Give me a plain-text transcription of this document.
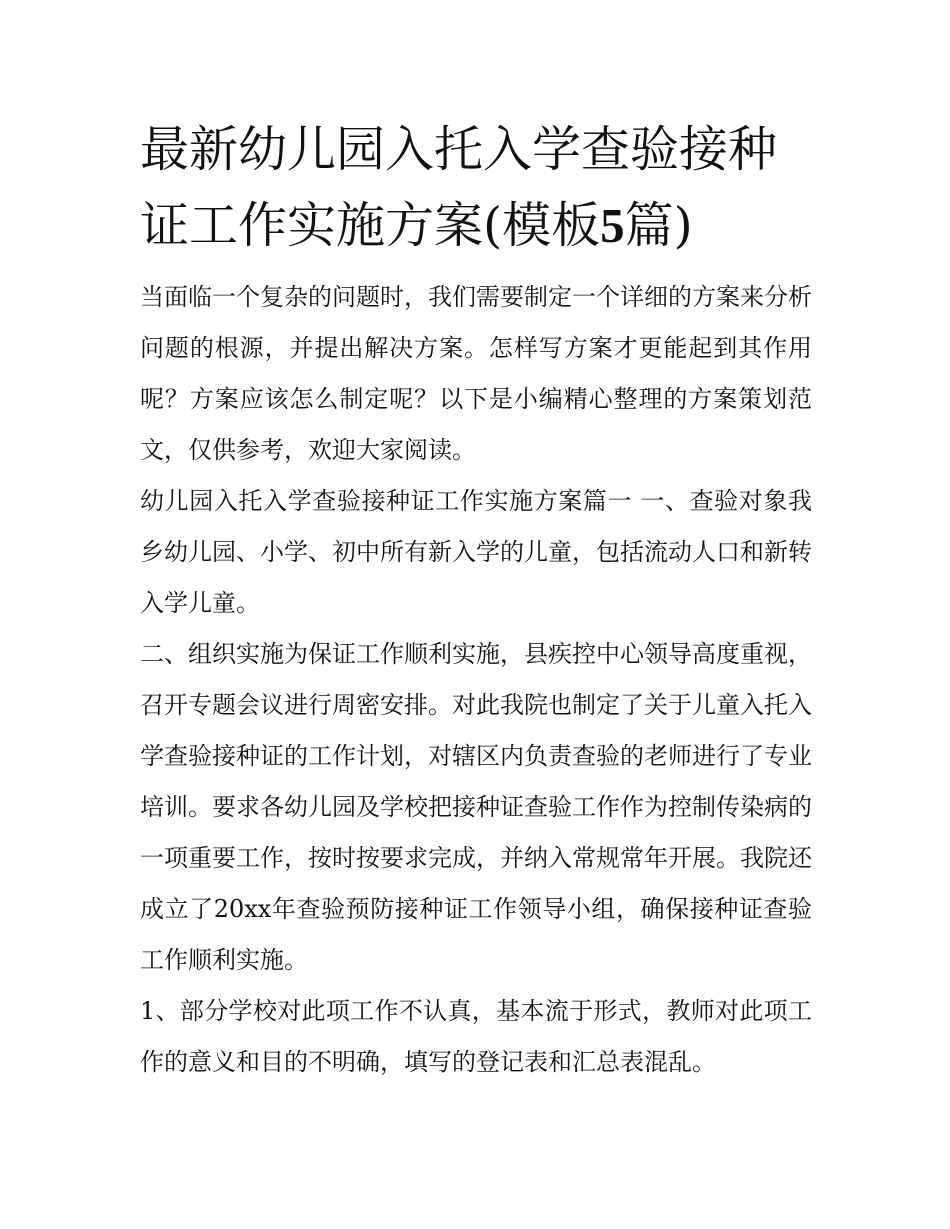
最新幼儿园入托入学查验接种
证工作实施方案(模板5篇)

当面临一个复杂的问题时，我们需要制定一个详细的方案来分析问题的根源，并提出解决方案。怎样写方案才更能起到其作用呢？方案应该怎么制定呢？以下是小编精心整理的方案策划范文，仅供参考，欢迎大家阅读。

幼儿园入托入学查验接种证工作实施方案篇一 一、查验对象我乡幼儿园、小学、初中所有新入学的儿童，包括流动人口和新转入学儿童。

二、组织实施为保证工作顺利实施，县疾控中心领导高度重视，召开专题会议进行周密安排。对此我院也制定了关于儿童入托入学查验接种证的工作计划，对辖区内负责查验的老师进行了专业培训。要求各幼儿园及学校把接种证查验工作作为控制传染病的一项重要工作，按时按要求完成，并纳入常规常年开展。我院还成立了20xx年查验预防接种证工作领导小组，确保接种证查验工作顺利实施。

1、部分学校对此项工作不认真，基本流于形式，教师对此项工作的意义和目的不明确，填写的登记表和汇总表混乱。
